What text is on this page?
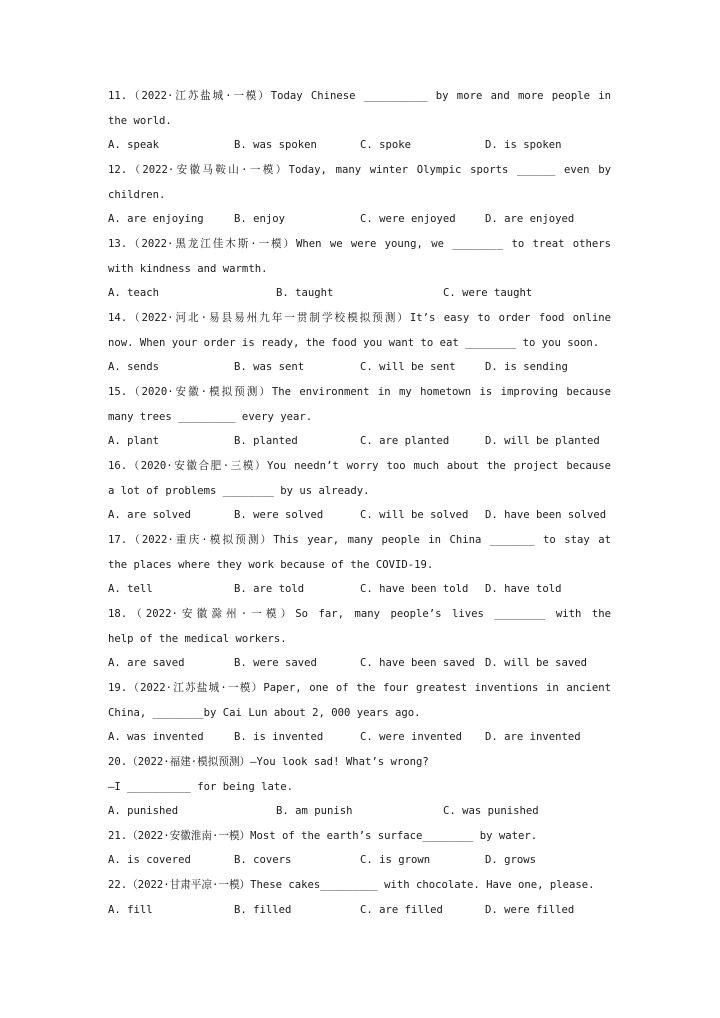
11.（2022·江苏盐城·一模）Today Chinese __________ by more and more people in
the world.
A. speak	B. was spoken	C. spoke	D. is spoken
12.（2022·安徽马鞍山·一模）Today, many winter Olympic sports ______ even by
children.
A. are enjoying	B. enjoy	C. were enjoyed	D. are enjoyed
13.（2022·黑龙江佳木斯·一模）When we were young, we ________ to treat others
with kindness and warmth.
A. teach	B. taught	C. were taught
14.（2022·河北·易县易州九年一贯制学校模拟预测）It’s easy to order food online
now. When your order is ready, the food you want to eat ________ to you soon.
A. sends	B. was sent	C. will be sent	D. is sending
15.（2020·安徽·模拟预测）The environment in my hometown is improving because
many trees _________ every year.
A. plant	B. planted	C. are planted	D. will be planted
16.（2020·安徽合肥·三模）You needn’t worry too much about the project because
a lot of problems ________ by us already.
A. are solved	B. were solved	C. will be solved D. have been solved
17.（2022·重庆·模拟预测）This year, many people in China _______ to stay at
the places where they work because of the COVID-19.
A. tell	B. are told	C. have been told D. have told
18.（2022·安徽滁州·一模）So far, many people’s lives ________ with the
help of the medical workers.
A. are saved	B. were saved	C. have been saved D. will be saved
19.（2022·江苏盐城·一模）Paper, one of the four greatest inventions in ancient
China, ________by Cai Lun about 2, 000 years ago.
A. was invented	B. is invented	C. were invented D. are invented
20.（2022·福建·模拟预测）—You look sad! What’s wrong?
—I __________ for being late.
A. punished	B. am punish	C. was punished
21.（2022·安徽淮南·一模）Most of the earth’s surface________ by water.
A. is covered	B. covers	C. is grown	D. grows
22.（2022·甘肃平凉·一模）These cakes_________ with chocolate. Have one, please.
A. fill	B. filled	C. are filled	D. were filled
